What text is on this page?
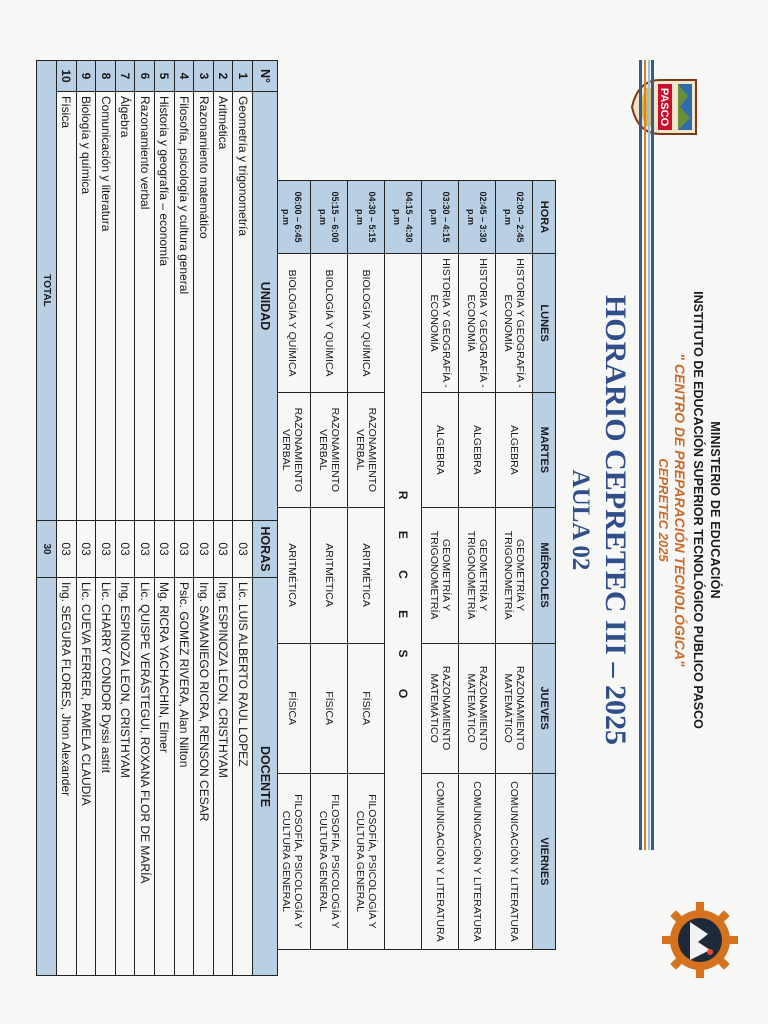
PASCO
MINISTERIO DE EDUCACIÓN
INSTITUTO DE EDUCACIÓN SUPERIOR TECNOLÓGICO PUBLICO PASCO
" CENTRO DE PREPARACIÓN TECNOLÓGICA"
CEPRETEC 2025
HORARIO CEPRETEC III – 2025
AULA 02
HORA	LUNES	MARTES	MIÉRCOLES	JUEVES	VIERNES
02:00 – 2:45 p.m	HISTORIA Y GEOGRAFÍA - ECONOMÍA	ALGEBRA	GEOMETRÍA Y TRIGONOMETRÍA	RAZONAMIENTO MATEMÁTICO	COMUNICACIÓN Y LITERATURA
02:45 – 3:30 p.m	HISTORIA Y GEOGRAFÍA - ECONOMÍA	ALGEBRA	GEOMETRÍA Y TRIGONOMETRÍA	RAZONAMIENTO MATEMÁTICO	COMUNICACIÓN Y LITERATURA
03:30 – 4:15 p.m	HISTORIA Y GEOGRAFÍA - ECONOMÍA	ALGEBRA	GEOMETRÍA Y TRIGONOMETRÍA	RAZONAMIENTO MATEMÁTICO	COMUNICACIÓN Y LITERATURA
04:15 – 4:30 p.m	R E C E S O				
04:30 – 5:15 p.m	BIOLOGÍA Y QUÍMICA	RAZONAMIENTO VERBAL	ARITMÉTICA	FÍSICA	FILOSOFÍA, PSICOLOGÍA Y CULTURA GENERAL
05:15 – 6:00 p.m	BIOLOGÍA Y QUÍMICA	RAZONAMIENTO VERBAL	ARITMÉTICA	FÍSICA	FILOSOFÍA, PSICOLOGÍA Y CULTURA GENERAL
06:00 – 6:45 p.m	BIOLOGÍA Y QUÍMICA	RAZONAMIENTO VERBAL	ARITMÉTICA	FÍSICA	FILOSOFÍA, PSICOLOGÍA Y CULTURA GENERAL
N°	UNIDAD	HORAS	DOCENTE
1	Geometría y trigonometría	03	Lic. LUIS ALBERTO RAUL LOPEZ
2	Aritmética	03	Ing. ESPINOZA LEON, CRISTHYAM
3	Razonamiento matemático	03	Ing. SAMANIEGO RICRA, RENSON CESAR
4	Filosofía, psicología y cultura general	03	Psic. GOMEZ RIVERA, Alan Nilton
5	Historia y geografía – economía	03	Mg. RICRA YACHACHIN, Elmer
6	Razonamiento verbal	03	Lic. QUISPE VERÁSTEGUI, ROXANA FLOR DE MARÍA
7	Álgebra	03	Ing. ESPINOZA LEON, CRISTHYAM
8	Comunicación y literatura	03	Lic. CHARRY CONDOR Dyssi astrit
9	Biología y química	03	Lic. CUEVA FERRER, PAMELA CLAUDIA
10	Física	03	Ing. SEGURA FLORES, Jhon Alexander
TOTAL		30	
